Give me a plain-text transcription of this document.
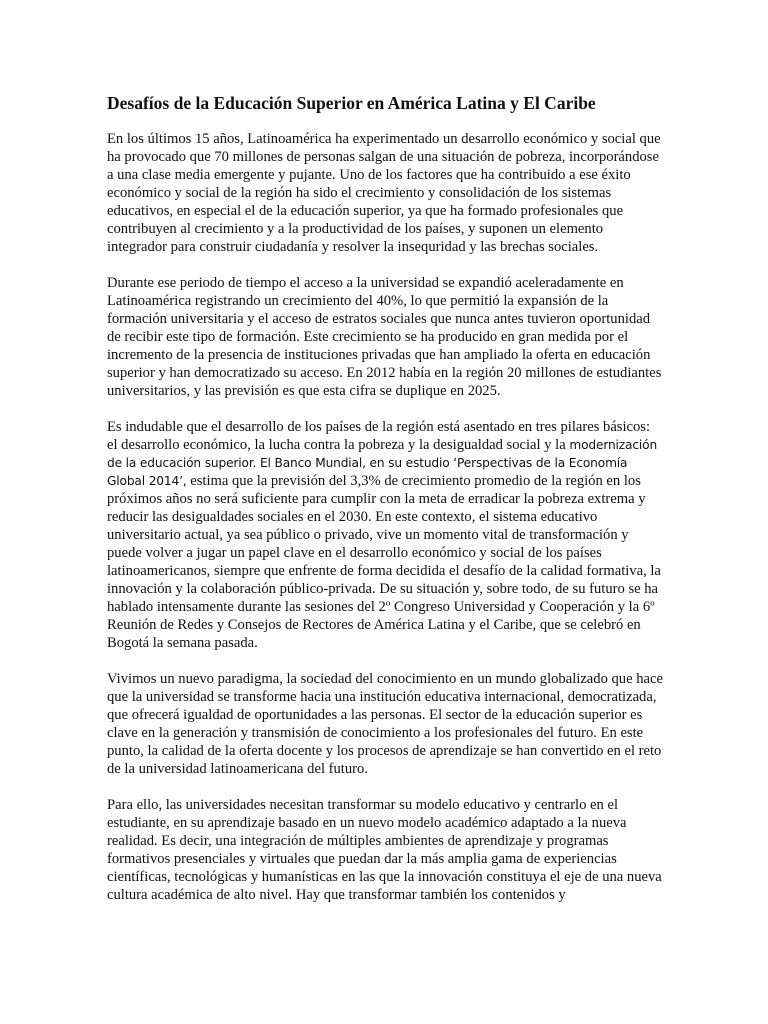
Desafíos de la Educación Superior en América Latina y El Caribe

En los últimos 15 años, Latinoamérica ha experimentado un desarrollo económico y social que ha provocado que 70 millones de personas salgan de una situación de pobreza, incorporándose a una clase media emergente y pujante. Uno de los factores que ha contribuido a ese éxito económico y social de la región ha sido el crecimiento y consolidación de los sistemas educativos, en especial el de la educación superior, ya que ha formado profesionales que contribuyen al crecimiento y a la productividad de los países, y suponen un elemento integrador para construir ciudadanía y resolver la insequridad y las brechas sociales.

Durante ese periodo de tiempo el acceso a la universidad se expandió aceleradamente en Latinoamérica registrando un crecimiento del 40%, lo que permitió la expansión de la formación universitaria y el acceso de estratos sociales que nunca antes tuvieron oportunidad de recibir este tipo de formación. Este crecimiento se ha producido en gran medida por el incremento de la presencia de instituciones privadas que han ampliado la oferta en educación superior y han democratizado su acceso. En 2012 había en la región 20 millones de estudiantes universitarios, y las previsión es que esta cifra se duplique en 2025.

Es indudable que el desarrollo de los países de la región está asentado en tres pilares básicos: el desarrollo económico, la lucha contra la pobreza y la desigualdad social y la modernización de la educación superior. El Banco Mundial, en su estudio ‘Perspectivas de la Economía Global 2014’, estima que la previsión del 3,3% de crecimiento promedio de la región en los próximos años no será suficiente para cumplir con la meta de erradicar la pobreza extrema y reducir las desigualdades sociales en el 2030. En este contexto, el sistema educativo universitario actual, ya sea público o privado, vive un momento vital de transformación y puede volver a jugar un papel clave en el desarrollo económico y social de los países latinoamericanos, siempre que enfrente de forma decidida el desafío de la calidad formativa, la innovación y la colaboración público-privada. De su situación y, sobre todo, de su futuro se ha hablado intensamente durante las sesiones del 2º Congreso Universidad y Cooperación y la 6º Reunión de Redes y Consejos de Rectores de América Latina y el Caribe, que se celebró en Bogotá la semana pasada.

Vivimos un nuevo paradigma, la sociedad del conocimiento en un mundo globalizado que hace que la universidad se transforme hacia una institución educativa internacional, democratizada, que ofrecerá igualdad de oportunidades a las personas. El sector de la educación superior es clave en la generación y transmisión de conocimiento a los profesionales del futuro. En este punto, la calidad de la oferta docente y los procesos de aprendizaje se han convertido en el reto de la universidad latinoamericana del futuro.

Para ello, las universidades necesitan transformar su modelo educativo y centrarlo en el estudiante, en su aprendizaje basado en un nuevo modelo académico adaptado a la nueva realidad. Es decir, una integración de múltiples ambientes de aprendizaje y programas formativos presenciales y virtuales que puedan dar la más amplia gama de experiencias científicas, tecnológicas y humanísticas en las que la innovación constituya el eje de una nueva cultura académica de alto nivel. Hay que transformar también los contenidos y
